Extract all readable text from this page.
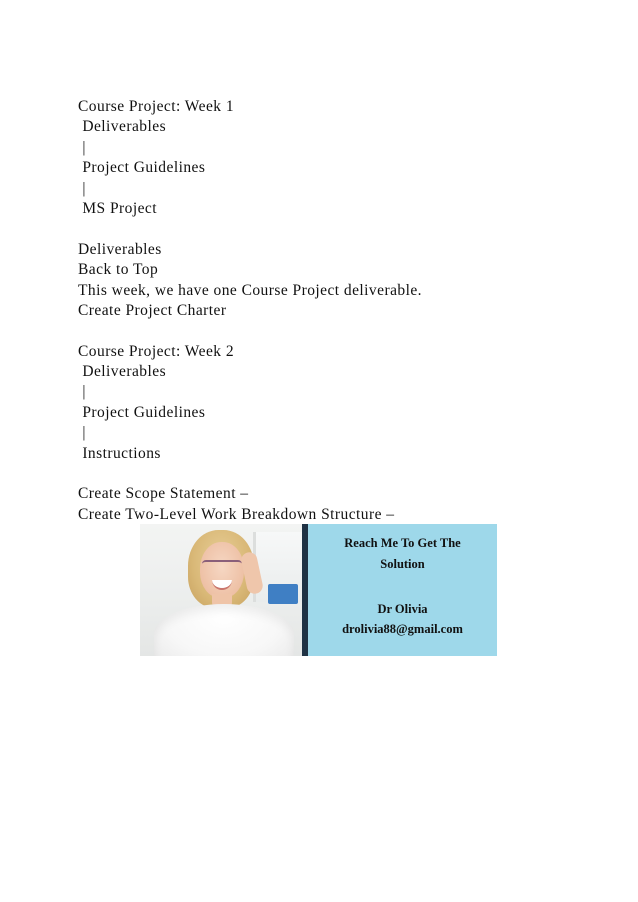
Course Project: Week 1
Deliverables
|
Project Guidelines
|
MS Project
Deliverables
Back to Top
This week, we have one Course Project deliverable.
Create Project Charter
Course Project: Week 2
Deliverables
|
Project Guidelines
|
Instructions
Create Scope Statement –
Create Two-Level Work Breakdown Structure –
Reach Me To Get The
Solution
Dr Olivia
drolivia88@gmail.com
